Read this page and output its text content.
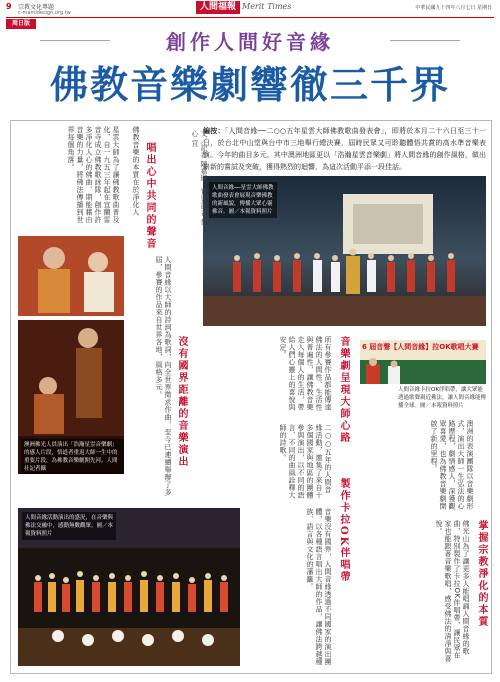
9 宗教文化專題
c-mamidesign.org.tw
人間福報 Merit Times	中華民國九十四年八月七日 星期日
周日版
創作人間好音緣
佛教音樂劇響徹三千界
編按：「人間音緣──二○○五年星雲大師佛教歌曲發表會」，即將於本月二十六日至三十一日，於台北中山堂與台中市三地舉行總決賽，屆時民眾又可聆聽體悟共賞的高水準音樂表演。今年的曲目多元，其中澳洲地區更以「浩瀚星雲音樂劇」將人間音緣的創作風格，做出嶄新的嘗試及突破，獲得熱烈的迴響，為這次活動平添一段佳話。
人間音緣──星雲大師佛教歌曲發表會展現音樂佛教的新風貌，傳播大眾心靈佛音。圖／本報資料照片
澳洲佛光人員演出「浩瀚星雲音樂劇」的感人片段，悟道者重返大師一生中的重要片段，為佛教音樂劇開先河。人間社記者攝
人間音緣活動演出的盛況，在音樂與佛法交融中，感動無數觀眾。圖／本報資料照片
6 屆音聲【人間音緣】拉OK歌唱大賽
人間音緣卡拉OK伴唱帶，讓大眾能透過歌聲親近佛法，讓人間音緣能傳播全球。圖／本報資料照片
文／記者 陳嘉璇 ‧ 實習記者 蔡 心 宜
唱出心中共同的聲音
沒有國界距離的音樂演出	音樂劇呈現大師心路
製作卡拉OK伴唱帶	掌握宗教淨化的本質
星雲大師為了讓佛教歌曲普及化，自一九五三年起在宜蘭雷音寺成立佛教歌詠隊，創作許多淨化人心的佛曲，期能藉由音樂的力量，將佛法傳播到世界每個角落。
人間音緣以大師的詩詞為歌詞，向全世界徵求作曲，至今已連續舉辦了多屆，參賽的作品來自世界各地，風格多元。	所有參賽作品都能傳達佛法的人間性、生活性與普遍性，讓佛教音樂走入每個人的生活，帶給人們心靈上的喜悅與安定。
二○○五年的人間音緣活動，邀集了來自十多個國家與地區的團體參與演出，以不同的語言、不同的曲風詮釋大師的詩歌。
音樂沒有國界，人間音緣透過不同國家的演出團體，以各種語言唱出大師的作品，讓佛法跨越種族、語言與文化的藩籬。
澳洲的表演團隊以音樂劇形式，演出大師一生弘法的心路歷程，劇情感人，深獲觀眾喜愛，也為佛教音樂劇開啟了新的里程。
佛光山為了讓更多人能唱誦人間音緣的歌曲，特別製作了卡拉OK伴唱帶，讓民眾在家也能跟著音樂歌唱，感受佛法的清淨與喜悅。
佛教音樂的本質在於淨化人
